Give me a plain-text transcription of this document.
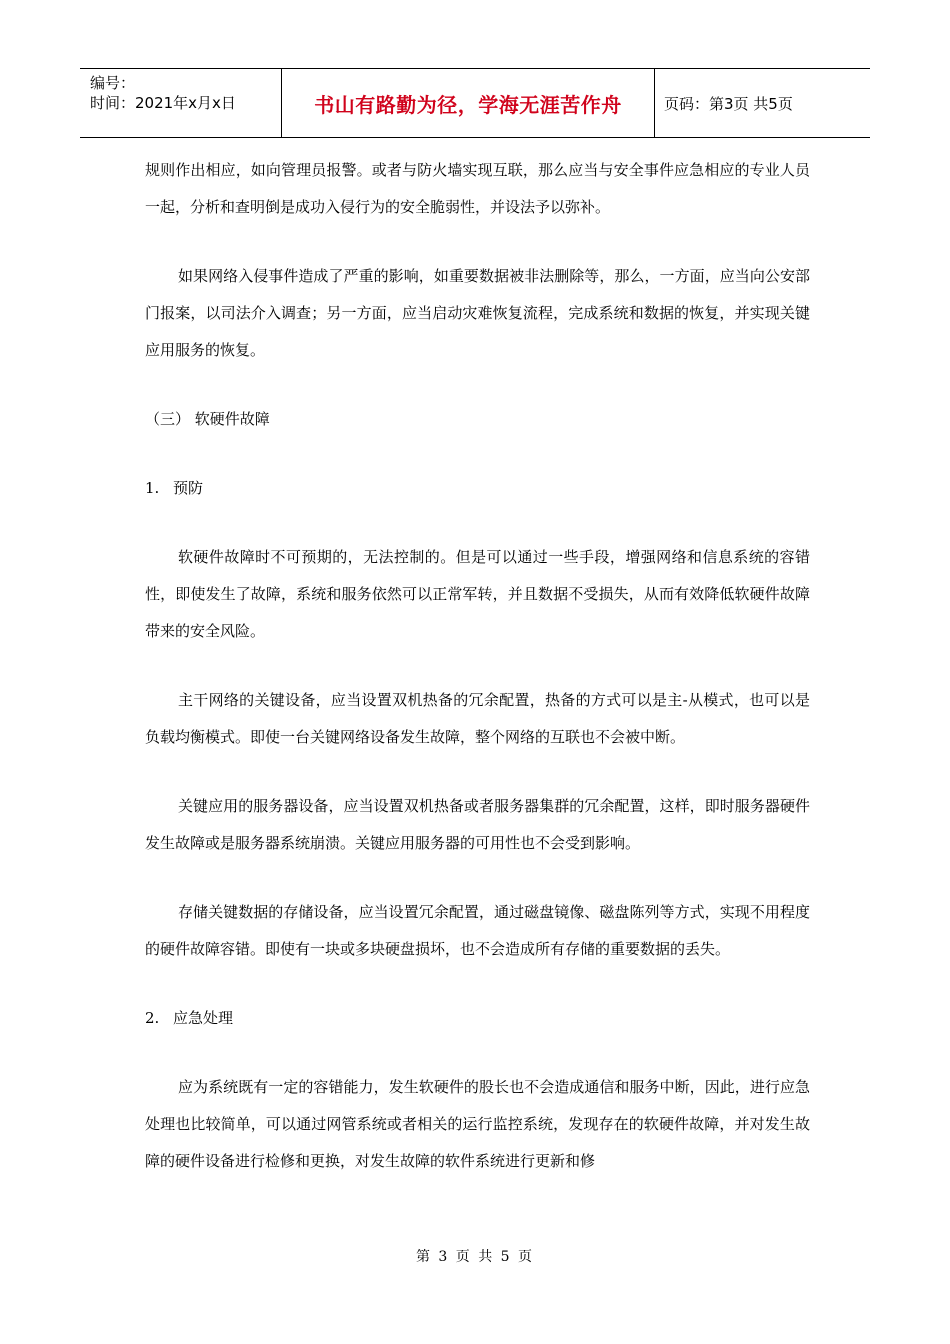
编号：
时间：2021年x月x日	书山有路勤为径，学海无涯苦作舟	页码：第3页 共5页

规则作出相应，如向管理员报警。或者与防火墙实现互联，那么应当与安全事件应急相应的专业人员一起，分析和查明倒是成功入侵行为的安全脆弱性，并设法予以弥补。

如果网络入侵事件造成了严重的影响，如重要数据被非法删除等，那么，一方面，应当向公安部门报案，以司法介入调查；另一方面，应当启动灾难恢复流程，完成系统和数据的恢复，并实现关键应用服务的恢复。

（三） 软硬件故障

1. 预防

软硬件故障时不可预期的，无法控制的。但是可以通过一些手段，增强网络和信息系统的容错性，即使发生了故障，系统和服务依然可以正常军转，并且数据不受损失，从而有效降低软硬件故障带来的安全风险。

主干网络的关键设备，应当设置双机热备的冗余配置，热备的方式可以是主-从模式，也可以是负载均衡模式。即使一台关键网络设备发生故障，整个网络的互联也不会被中断。

关键应用的服务器设备，应当设置双机热备或者服务器集群的冗余配置，这样，即时服务器硬件发生故障或是服务器系统崩溃。关键应用服务器的可用性也不会受到影响。

存储关键数据的存储设备，应当设置冗余配置，通过磁盘镜像、磁盘陈列等方式，实现不用程度的硬件故障容错。即使有一块或多块硬盘损坏，也不会造成所有存储的重要数据的丢失。

2. 应急处理

应为系统既有一定的容错能力，发生软硬件的股长也不会造成通信和服务中断，因此，进行应急处理也比较简单，可以通过网管系统或者相关的运行监控系统，发现存在的软硬件故障，并对发生故障的硬件设备进行检修和更换，对发生故障的软件系统进行更新和修

第 3 页 共 5 页
